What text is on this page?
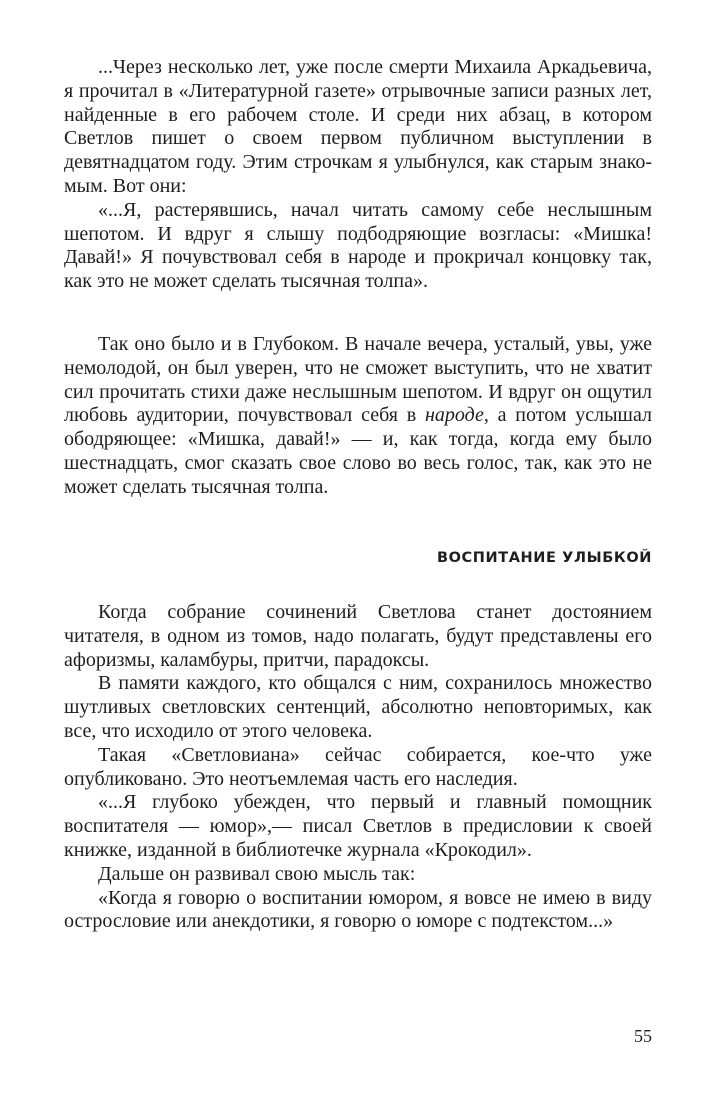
...Через несколько лет, уже после смерти Михаила Аркадьевича, я прочитал в «Литературной газете» отрывочные записи разных лет, найденные в его рабочем столе. И среди них абзац, в котором Светлов пишет о своем первом публичном выступлении в девятнадцатом году. Этим строчкам я улыбнулся, как старым знакомым. Вот они:

«...Я, растерявшись, начал читать самому себе неслышным шепотом. И вдруг я слышу подбодряющие возгласы: «Мишка! Давай!» Я почувствовал себя в народе и прокричал концовку так, как это не может сделать тысячная толпа».

Так оно было и в Глубоком. В начале вечера, усталый, увы, уже немолодой, он был уверен, что не сможет выступить, что не хватит сил прочитать стихи даже неслышным шепотом. И вдруг он ощутил любовь аудитории, почувствовал себя в народе, а потом услышал ободряющее: «Мишка, давай!» — и, как тогда, когда ему было шестнадцать, смог сказать свое слово во весь голос, так, как это не может сделать тысячная толпа.

ВОСПИТАНИЕ УЛЫБКОЙ

Когда собрание сочинений Светлова станет достоянием читателя, в одном из томов, надо полагать, будут представлены его афоризмы, каламбуры, притчи, парадоксы.

В памяти каждого, кто общался с ним, сохранилось множество шутливых светловских сентенций, абсолютно неповторимых, как все, что исходило от этого человека.

Такая «Светловиана» сейчас собирается, кое-что уже опубликовано. Это неотъемлемая часть его наследия.

«...Я глубоко убежден, что первый и главный помощник воспитателя — юмор»,— писал Светлов в предисловии к своей книжке, изданной в библиотечке журнала «Крокодил».

Дальше он развивал свою мысль так:

«Когда я говорю о воспитании юмором, я вовсе не имею в виду острословие или анекдотики, я говорю о юморе с подтекстом...»

55
